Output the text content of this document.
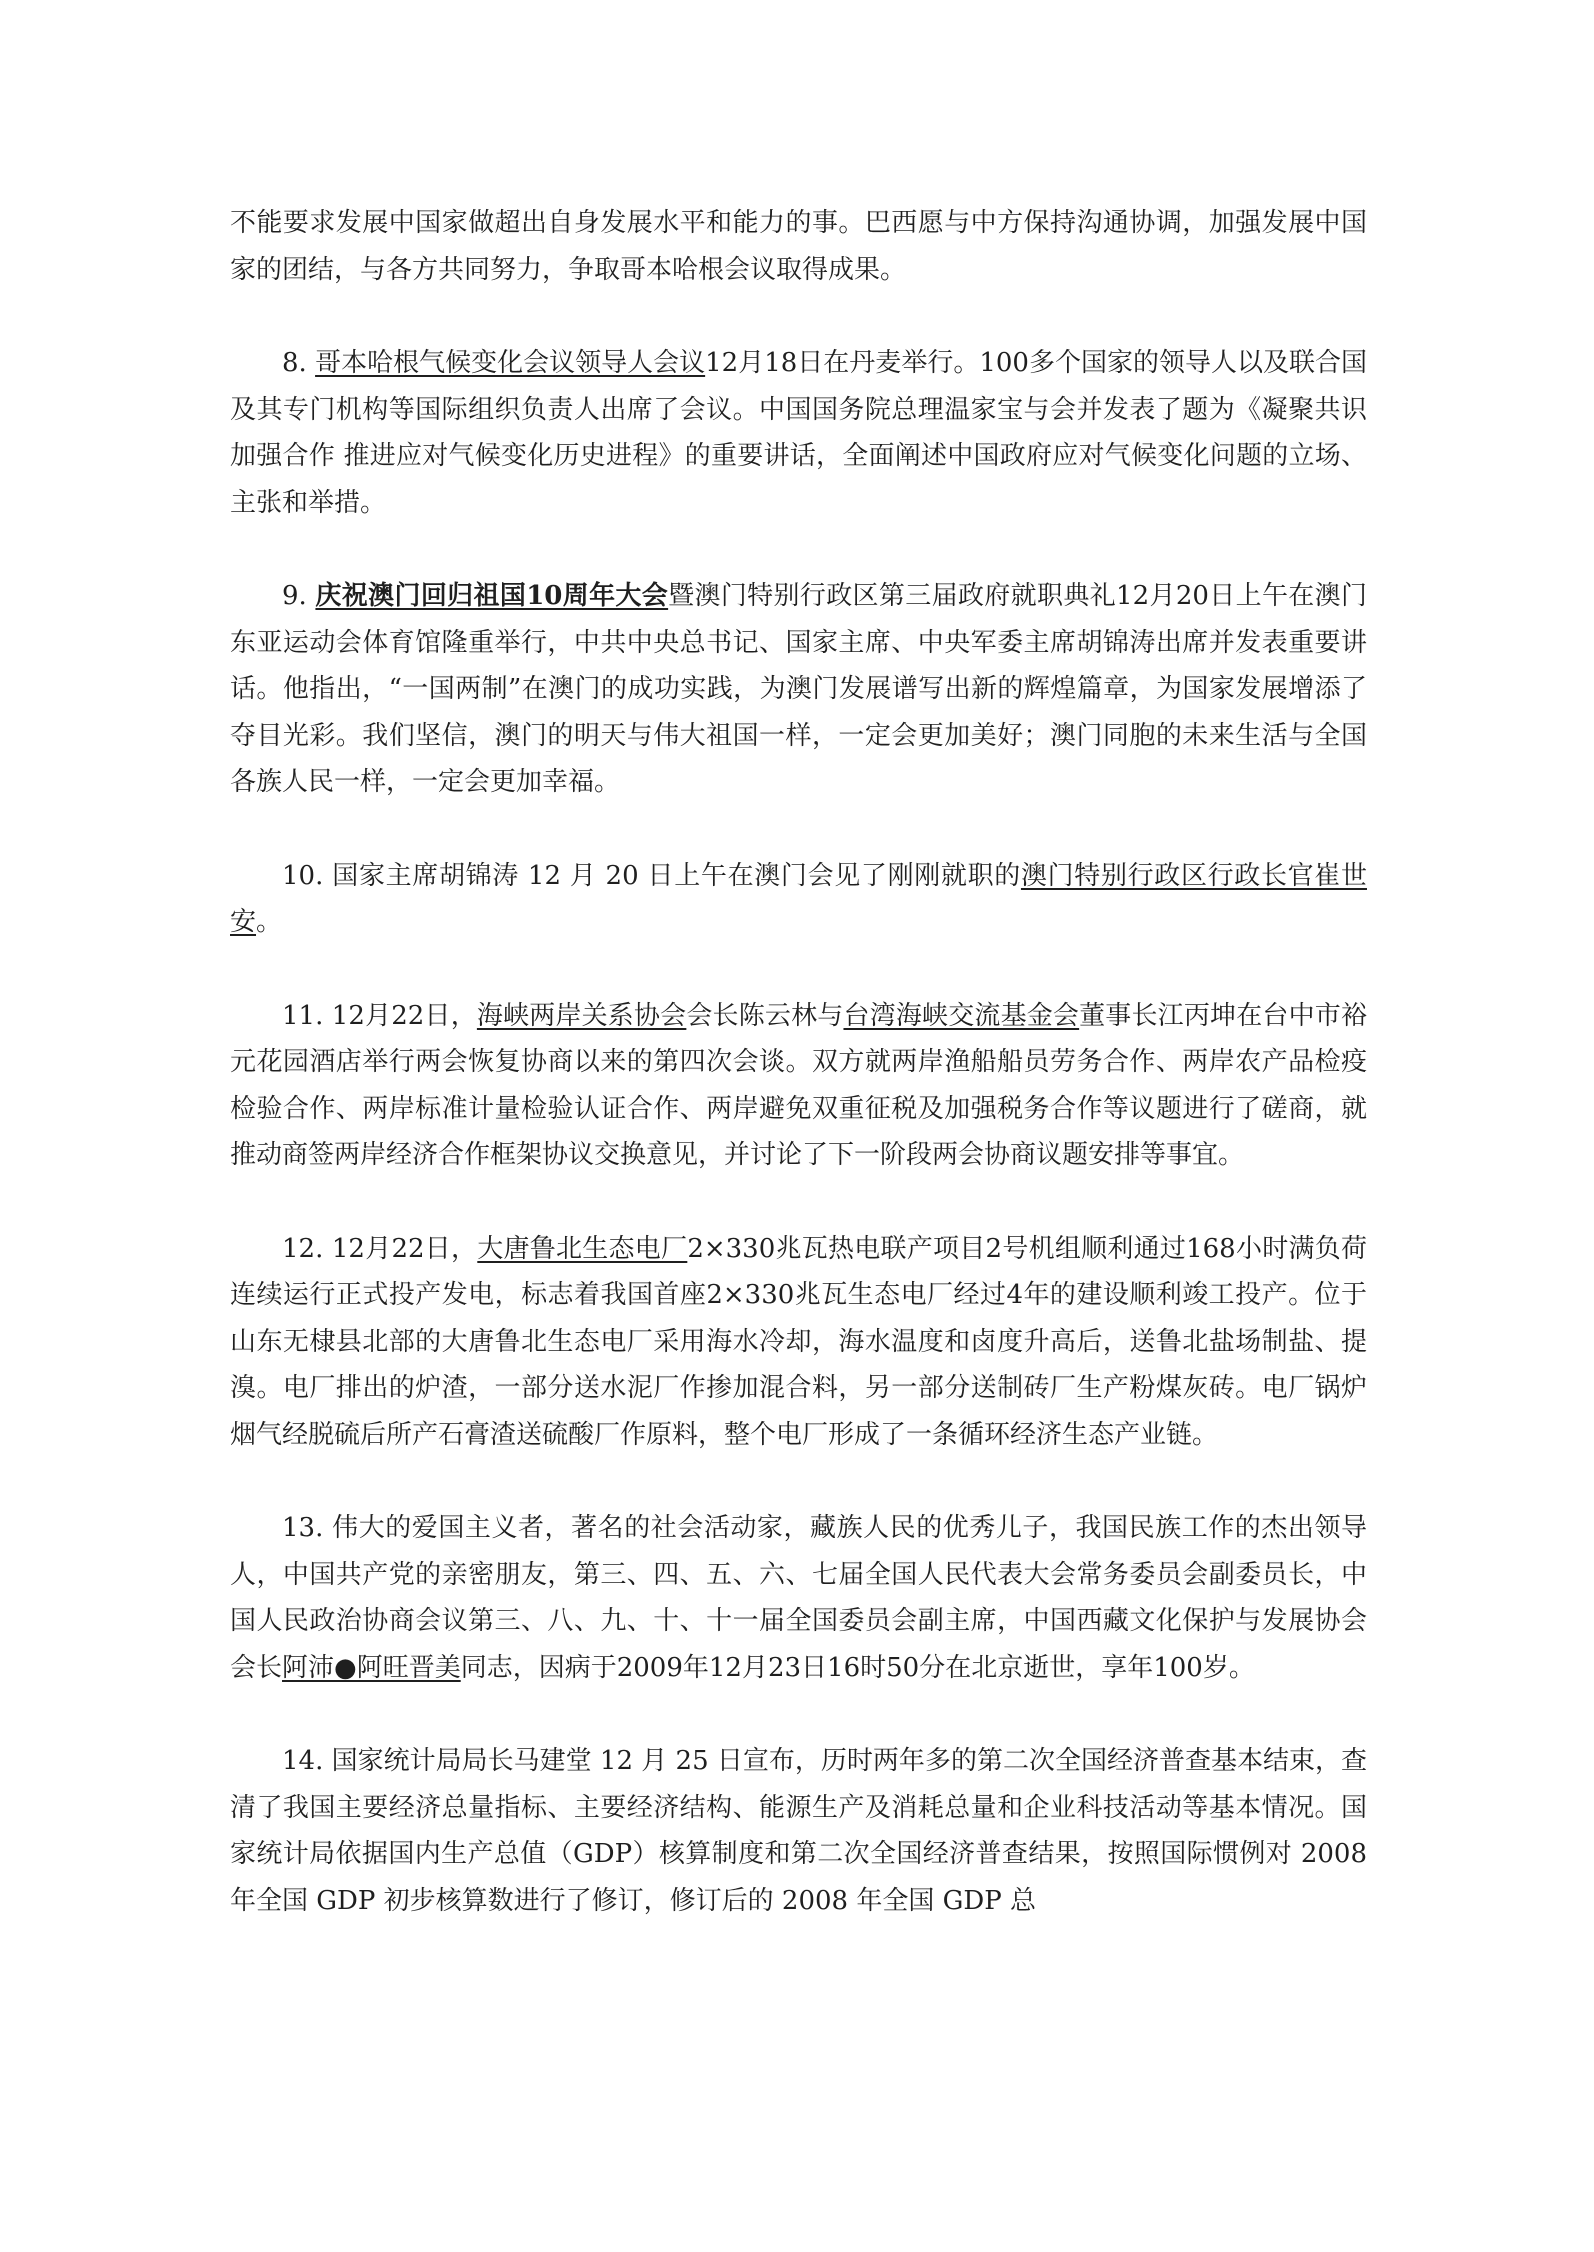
不能要求发展中国家做超出自身发展水平和能力的事。巴西愿与中方保持沟通协调，加强发展中国家的团结，与各方共同努力，争取哥本哈根会议取得成果。

8. 哥本哈根气候变化会议领导人会议12月18日在丹麦举行。100多个国家的领导人以及联合国及其专门机构等国际组织负责人出席了会议。中国国务院总理温家宝与会并发表了题为《凝聚共识 加强合作 推进应对气候变化历史进程》的重要讲话，全面阐述中国政府应对气候变化问题的立场、主张和举措。

9. 庆祝澳门回归祖国10周年大会暨澳门特别行政区第三届政府就职典礼12月20日上午在澳门东亚运动会体育馆隆重举行，中共中央总书记、国家主席、中央军委主席胡锦涛出席并发表重要讲话。他指出，“一国两制”在澳门的成功实践，为澳门发展谱写出新的辉煌篇章，为国家发展增添了夺目光彩。我们坚信，澳门的明天与伟大祖国一样，一定会更加美好；澳门同胞的未来生活与全国各族人民一样，一定会更加幸福。

10. 国家主席胡锦涛 12 月 20 日上午在澳门会见了刚刚就职的澳门特别行政区行政长官崔世安。

11. 12月22日，海峡两岸关系协会会长陈云林与台湾海峡交流基金会董事长江丙坤在台中市裕元花园酒店举行两会恢复协商以来的第四次会谈。双方就两岸渔船船员劳务合作、两岸农产品检疫检验合作、两岸标准计量检验认证合作、两岸避免双重征税及加强税务合作等议题进行了磋商，就推动商签两岸经济合作框架协议交换意见，并讨论了下一阶段两会协商议题安排等事宜。

12. 12月22日，大唐鲁北生态电厂2×330兆瓦热电联产项目2号机组顺利通过168小时满负荷连续运行正式投产发电，标志着我国首座2×330兆瓦生态电厂经过4年的建设顺利竣工投产。位于山东无棣县北部的大唐鲁北生态电厂采用海水冷却，海水温度和卤度升高后，送鲁北盐场制盐、提溴。电厂排出的炉渣，一部分送水泥厂作掺加混合料，另一部分送制砖厂生产粉煤灰砖。电厂锅炉烟气经脱硫后所产石膏渣送硫酸厂作原料，整个电厂形成了一条循环经济生态产业链。

13. 伟大的爱国主义者，著名的社会活动家，藏族人民的优秀儿子，我国民族工作的杰出领导人，中国共产党的亲密朋友，第三、四、五、六、七届全国人民代表大会常务委员会副委员长，中国人民政治协商会议第三、八、九、十、十一届全国委员会副主席，中国西藏文化保护与发展协会会长阿沛●阿旺晋美同志，因病于2009年12月23日16时50分在北京逝世，享年100岁。

14. 国家统计局局长马建堂 12 月 25 日宣布，历时两年多的第二次全国经济普查基本结束，查清了我国主要经济总量指标、主要经济结构、能源生产及消耗总量和企业科技活动等基本情况。国家统计局依据国内生产总值（GDP）核算制度和第二次全国经济普查结果，按照国际惯例对 2008 年全国 GDP 初步核算数进行了修订，修订后的 2008 年全国 GDP 总
